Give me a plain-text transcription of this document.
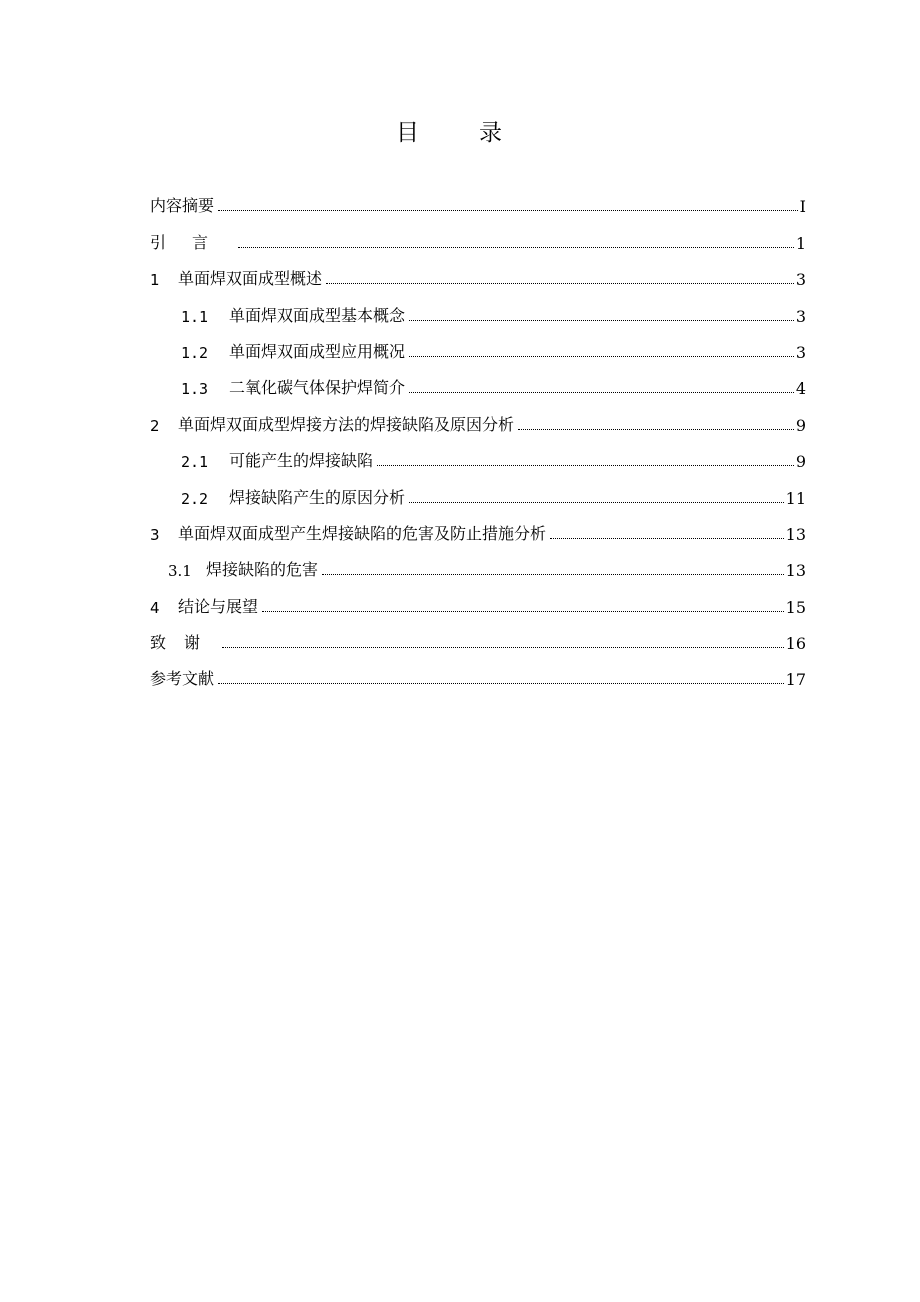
目录
内容摘要	I
引言	1
1	单面焊双面成型概述	3
1.1	单面焊双面成型基本概念	3
1.2	单面焊双面成型应用概况	3
1.3	二氧化碳气体保护焊简介	4
2	单面焊双面成型焊接方法的焊接缺陷及原因分析	9
2.1	可能产生的焊接缺陷	9
2.2	焊接缺陷产生的原因分析	11
3	单面焊双面成型产生焊接缺陷的危害及防止措施分析	13
3.1 焊接缺陷的危害	13
4	结论与展望	15
致谢	16
参考文献	17
